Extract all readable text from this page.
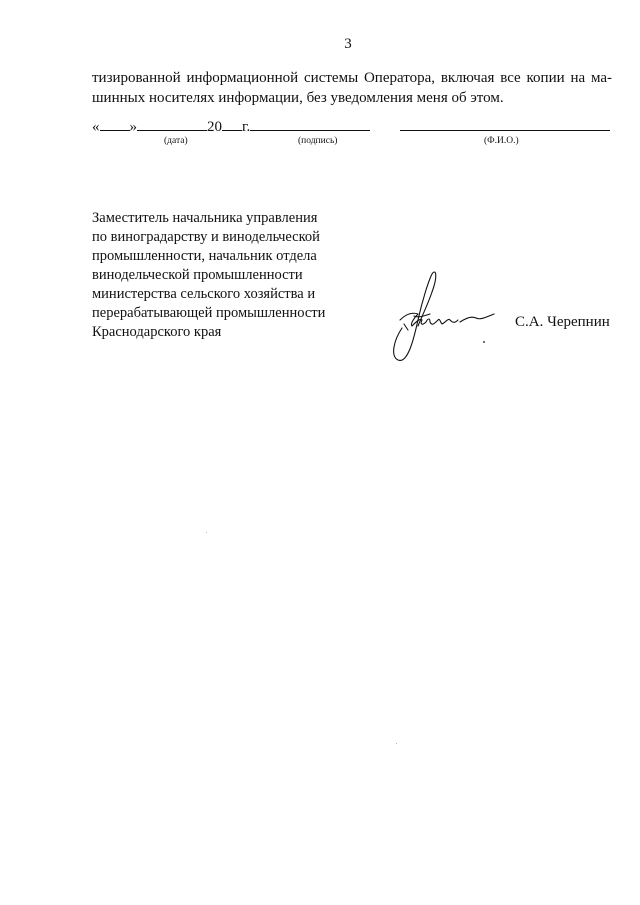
3
тизированной информационной системы Оператора, включая все копии на ма-
шинных носителях информации, без уведомления меня об этом.
« »	20 г.
(дата)	(подпись)	(Ф.И.О.)
Заместитель начальника управления
по виноградарству и винодельческой
промышленности, начальник отдела
винодельческой промышленности
министерства сельского хозяйства и
перерабатывающей промышленности
Краснодарского края
С.А. Черепнин
